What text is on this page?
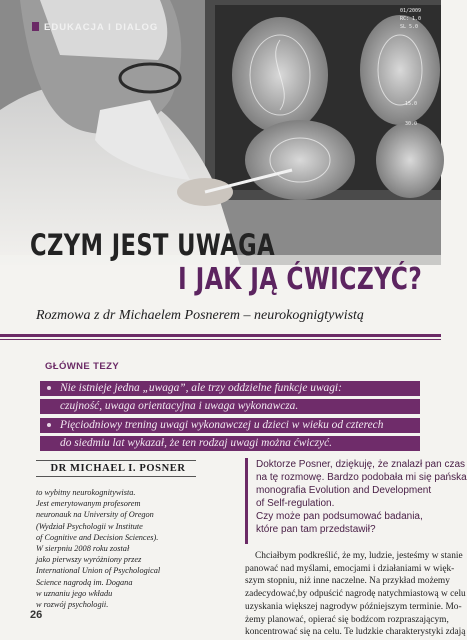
01/2009
RC: 1.0
SL 5.0
15.0
30.0
EDUKACJA I DIALOG
CZYM JEST UWAGA
I JAK JĄ ĆWICZYĆ?
Rozmowa z dr Michaelem Posnerem – neurokognigtywistą
GŁÓWNE TEZY
Nie istnieje jedna „uwaga”, ale trzy oddzielne funkcje uwagi:
czujność, uwaga orientacyjna i uwaga wykonawcza.
Pięciodniowy trening uwagi wykonawczej u dzieci w wieku od czterech
do siedmiu lat wykazał, że ten rodzaj uwagi można ćwiczyć.
DR MICHAEL I. POSNER
to wybitny neurokognitywista.
Jest emerytowanym profesorem
neuronauk na University of Oregon
(Wydział Psychologii w Institute
of Cognitive and Decision Sciences).
W sierpniu 2008 roku został
jako pierwszy wyróżniony przez
International Union of Psychological
Science nagrodą im. Dogana
w uznaniu jego wkładu
w rozwój psychologii.
Doktorze Posner, dziękuję, że znalazł pan czas
na tę rozmowę. Bardzo podobała mi się pańska
monografia Evolution and Development
of Self-regulation.
Czy może pan podsumować badania,
które pan tam przedstawił?
Chciałbym podkreślić, że my, ludzie, jesteśmy w stanie
panować nad myślami, emocjami i działaniami w więk-
szym stopniu, niż inne naczelne. Na przykład możemy
zadecydować,by odpuścić nagrodę natychmiastową w celu
uzyskania większej nagrodyw późniejszym terminie. Mo-
żemy planować, opierać się bodźcom rozpraszającym,
koncentrować się na celu. Te ludzkie charakterystyki zdają
26
